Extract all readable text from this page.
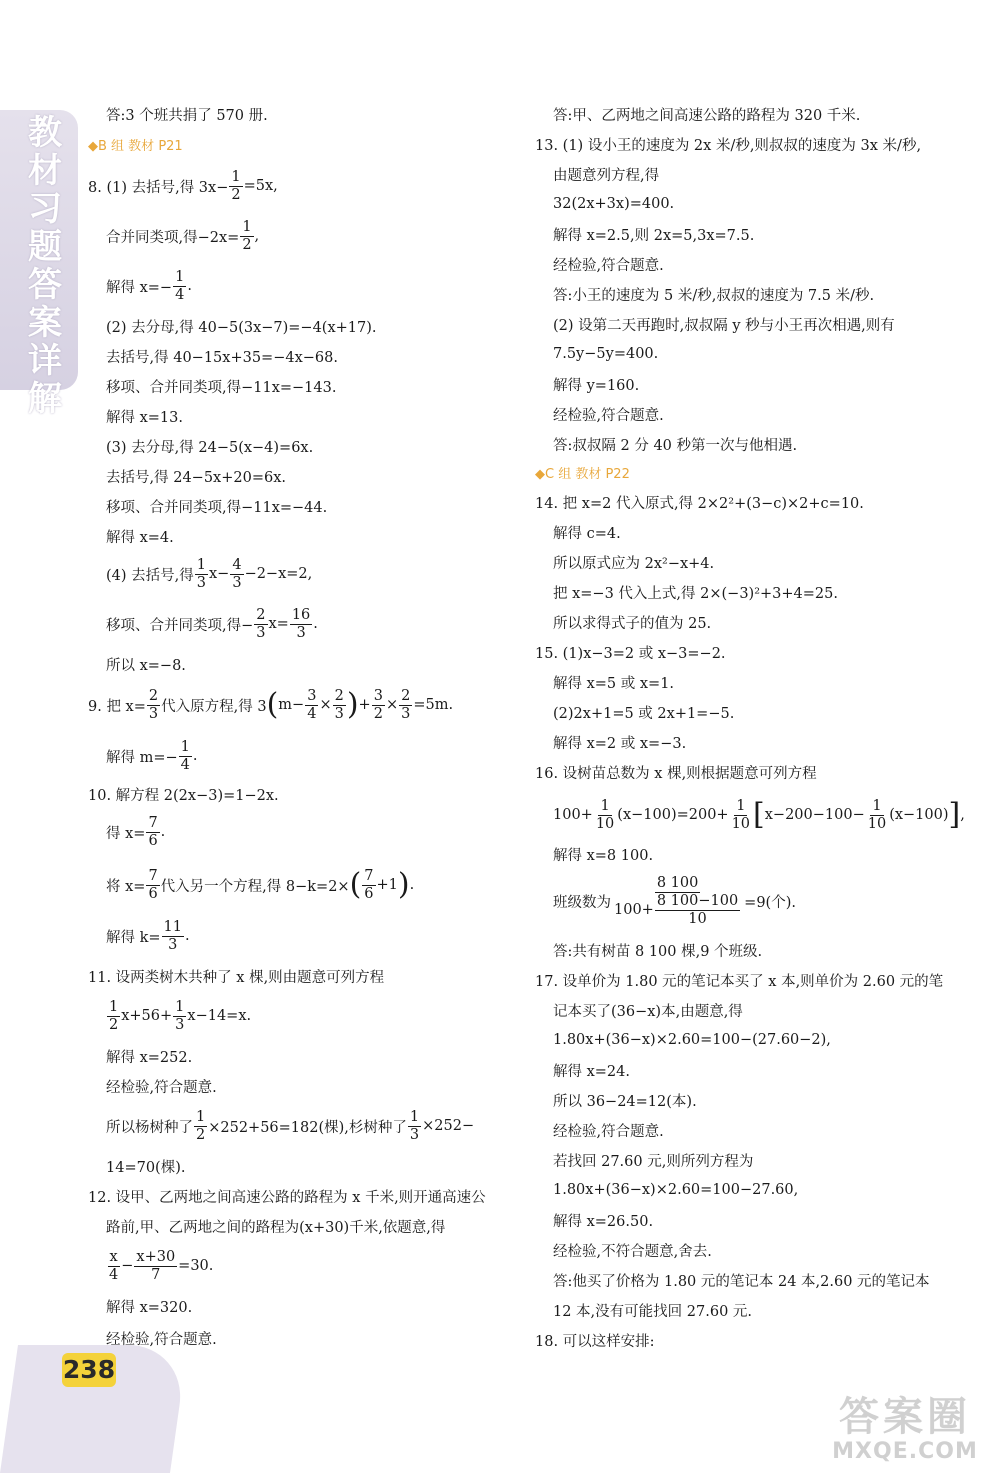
教材习题答案详解
238
答案圈
MXQE.COM

答:3 个班共捐了 570 册.

◆B 组 教材 P21

8. (1) 去括号,得 $3x- \frac{1}{2} =5x$,
合并同类项,得$-2x= \frac{1}{2}$ ,
解得 $x=- \frac{1}{4}$ .

(2) 去分母,得 40−5(3x−7)=−4(x+17).

去括号,得 40−15x+35=−4x−68.

移项、合并同类项,得−11x=−143.

解得 x=13.

(3) 去分母,得 24−5(x−4)=6x.

去括号,得 24−5x+20=6x.

移项、合并同类项,得−11x=−44.

解得 x=4.

(4) 去括号,得 $\frac{1}{3} x- \frac{4}{3} -2-x=2$,
移项、合并同类项,得− $\frac{2}{3} x= \frac{16}{3}$ .

所以 x=−8.

9. 把 $x= \frac{2}{3}$ 代入原方程,得 3 ( $m- \frac{3}{4} \times \frac{2}{3}$ ) + $\frac{3}{2} \times \frac{2}{3} =5m$.
解得 $m=- \frac{1}{4}$ .

10. 解方程 2(2x−3)=1−2x.

得 $x= \frac{7}{6}$ .
将 $x= \frac{7}{6}$ 代入另一个方程,得 8−k=2× ( $\frac{7}{6} +1$ ) .
解得 $k= \frac{11}{3}$ .

11. 设两类树木共种了 x 棵,则由题意可列方程

$\frac{1}{2} x+56+ \frac{1}{3} x-14=x$.

解得 x=252.

经检验,符合题意.

所以杨树种了 $\frac{1}{2} \times 252+56=182$(棵),杉树种了 $\frac{1}{3} \times 252-$

14=70(棵).

12. 设甲、乙两地之间高速公路的路程为 x 千米,则开通高速公

路前,甲、乙两地之间的路程为(x+30)千米,依题意,得

$\frac{x}{4} - \frac{x+30}{7} =30$.

解得 x=320.

经检验,符合题意.

答:甲、乙两地之间高速公路的路程为 320 千米.

13. (1) 设小王的速度为 2x 米/秒,则叔叔的速度为 3x 米/秒,

由题意列方程,得

32(2x+3x)=400.

解得 x=2.5,则 2x=5,3x=7.5.

经检验,符合题意.

答:小王的速度为 5 米/秒,叔叔的速度为 7.5 米/秒.

(2) 设第二天再跑时,叔叔隔 y 秒与小王再次相遇,则有

7.5y−5y=400.

解得 y=160.

经检验,符合题意.

答:叔叔隔 2 分 40 秒第一次与他相遇.

◆C 组 教材 P22

14. 把 x=2 代入原式,得 2×2²+(3−c)×2+c=10.

解得 c=4.

所以原式应为 2x²−x+4.

把 x=−3 代入上式,得 2×(−3)²+3+4=25.

所以求得式子的值为 25.

15. (1)x−3=2 或 x−3=−2.

解得 x=5 或 x=1.

(2)2x+1=5 或 2x+1=−5.

解得 x=2 或 x=−3.

16. 设树苗总数为 x 棵,则根据题意可列方程

$100+ \frac{1}{10} (x-100)=200+ \frac{1}{10}$ [ $x-200-100- \frac{1}{10} (x-100)$ ] ,

解得 x=8 100.

班级数为 $\frac{8 100}{100+ \frac{8 100-100}{10}} =9$(个).

答:共有树苗 8 100 棵,9 个班级.

17. 设单价为 1.80 元的笔记本买了 x 本,则单价为 2.60 元的笔

记本买了(36−x)本,由题意,得

1.80x+(36−x)×2.60=100−(27.60−2),

解得 x=24.

所以 36−24=12(本).

经检验,符合题意.

若找回 27.60 元,则所列方程为

1.80x+(36−x)×2.60=100−27.60,

解得 x=26.50.

经检验,不符合题意,舍去.

答:他买了价格为 1.80 元的笔记本 24 本,2.60 元的笔记本

12 本,没有可能找回 27.60 元.

18. 可以这样安排:
